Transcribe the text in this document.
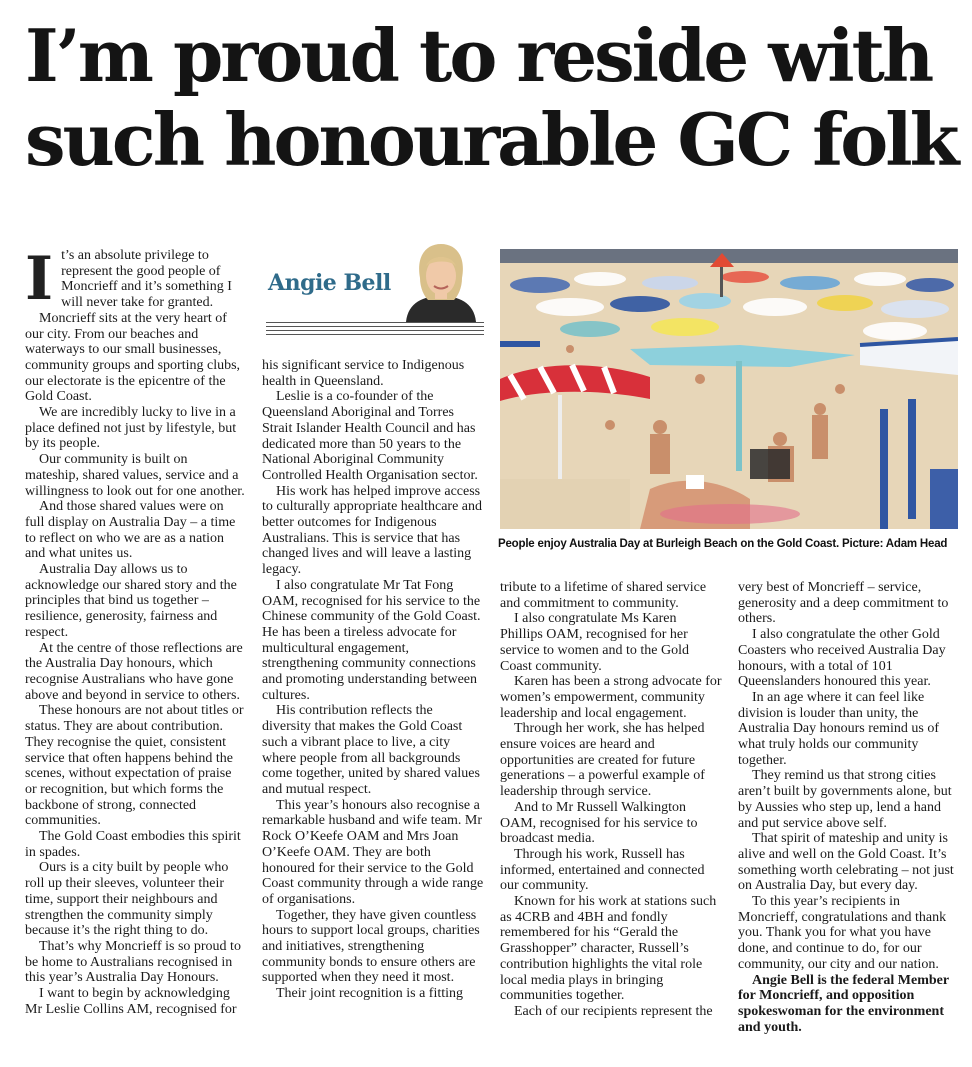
I’m proud to reside with
such honourable GC folk
I t’s an absolute privilege to represent the good people of Moncrieff and it’s something I will never take for granted.

Moncrieff sits at the very heart of our city. From our beaches and waterways to our small businesses, community groups and sporting clubs, our electorate is the epicentre of the Gold Coast.

We are incredibly lucky to live in a place defined not just by lifestyle, but by its people.

Our community is built on mateship, shared values, service and a willingness to look out for one another.

And those shared values were on full display on Australia Day – a time to reflect on who we are as a nation and what unites us.

Australia Day allows us to acknowledge our shared story and the principles that bind us together – resilience, generosity, fairness and respect.

At the centre of those reflections are the Australia Day honours, which recognise Australians who have gone above and beyond in service to others.

These honours are not about titles or status. They are about contribution. They recognise the quiet, consistent service that often happens behind the scenes, without expectation of praise or recognition, but which forms the backbone of strong, connected communities.

The Gold Coast embodies this spirit in spades.

Ours is a city built by people who roll up their sleeves, volunteer their time, support their neighbours and strengthen the community simply because it’s the right thing to do.

That’s why Moncrieff is so proud to be home to Australians recognised in this year’s Australia Day Honours.

I want to begin by acknowledging Mr Leslie Collins AM, recognised for

Angie Bell

his significant service to Indigenous health in Queensland.

Leslie is a co-founder of the Queensland Aboriginal and Torres Strait Islander Health Council and has dedicated more than 50 years to the National Aboriginal Community Controlled Health Organisation sector.

His work has helped improve access to culturally appropriate healthcare and better outcomes for Indigenous Australians. This is service that has changed lives and will leave a lasting legacy.

I also congratulate Mr Tat Fong OAM, recognised for his service to the Chinese community of the Gold Coast. He has been a tireless advocate for multicultural engagement, strengthening community connections and promoting understanding between cultures.

His contribution reflects the diversity that makes the Gold Coast such a vibrant place to live, a city where people from all backgrounds come together, united by shared values and mutual respect.

This year’s honours also recognise a remarkable husband and wife team. Mr Rock O’Keefe OAM and Mrs Joan O’Keefe OAM. They are both honoured for their service to the Gold Coast community through a wide range of organisations.

Together, they have given countless hours to support local groups, charities and initiatives, strengthening community bonds to ensure others are supported when they need it most.

Their joint recognition is a fitting

People enjoy Australia Day at Burleigh Beach on the Gold Coast. Picture: Adam Head

tribute to a lifetime of shared service and commitment to community.

I also congratulate Ms Karen Phillips OAM, recognised for her service to women and to the Gold Coast community.

Karen has been a strong advocate for women’s empowerment, community leadership and local engagement.

Through her work, she has helped ensure voices are heard and opportunities are created for future generations – a powerful example of leadership through service.

And to Mr Russell Walkington OAM, recognised for his service to broadcast media.

Through his work, Russell has informed, entertained and connected our community.

Known for his work at stations such as 4CRB and 4BH and fondly remembered for his “Gerald the Grasshopper” character, Russell’s contribution highlights the vital role local media plays in bringing communities together.

Each of our recipients represent the

very best of Moncrieff – service, generosity and a deep commitment to others.

I also congratulate the other Gold Coasters who received Australia Day honours, with a total of 101 Queenslanders honoured this year.

In an age where it can feel like division is louder than unity, the Australia Day honours remind us of what truly holds our community together.

They remind us that strong cities aren’t built by governments alone, but by Aussies who step up, lend a hand and put service above self.

That spirit of mateship and unity is alive and well on the Gold Coast. It’s something worth celebrating – not just on Australia Day, but every day.

To this year’s recipients in Moncrieff, congratulations and thank you. Thank you for what you have done, and continue to do, for our community, our city and our nation.

Angie Bell is the federal Member for Moncrieff, and opposition spokeswoman for the environment and youth.
